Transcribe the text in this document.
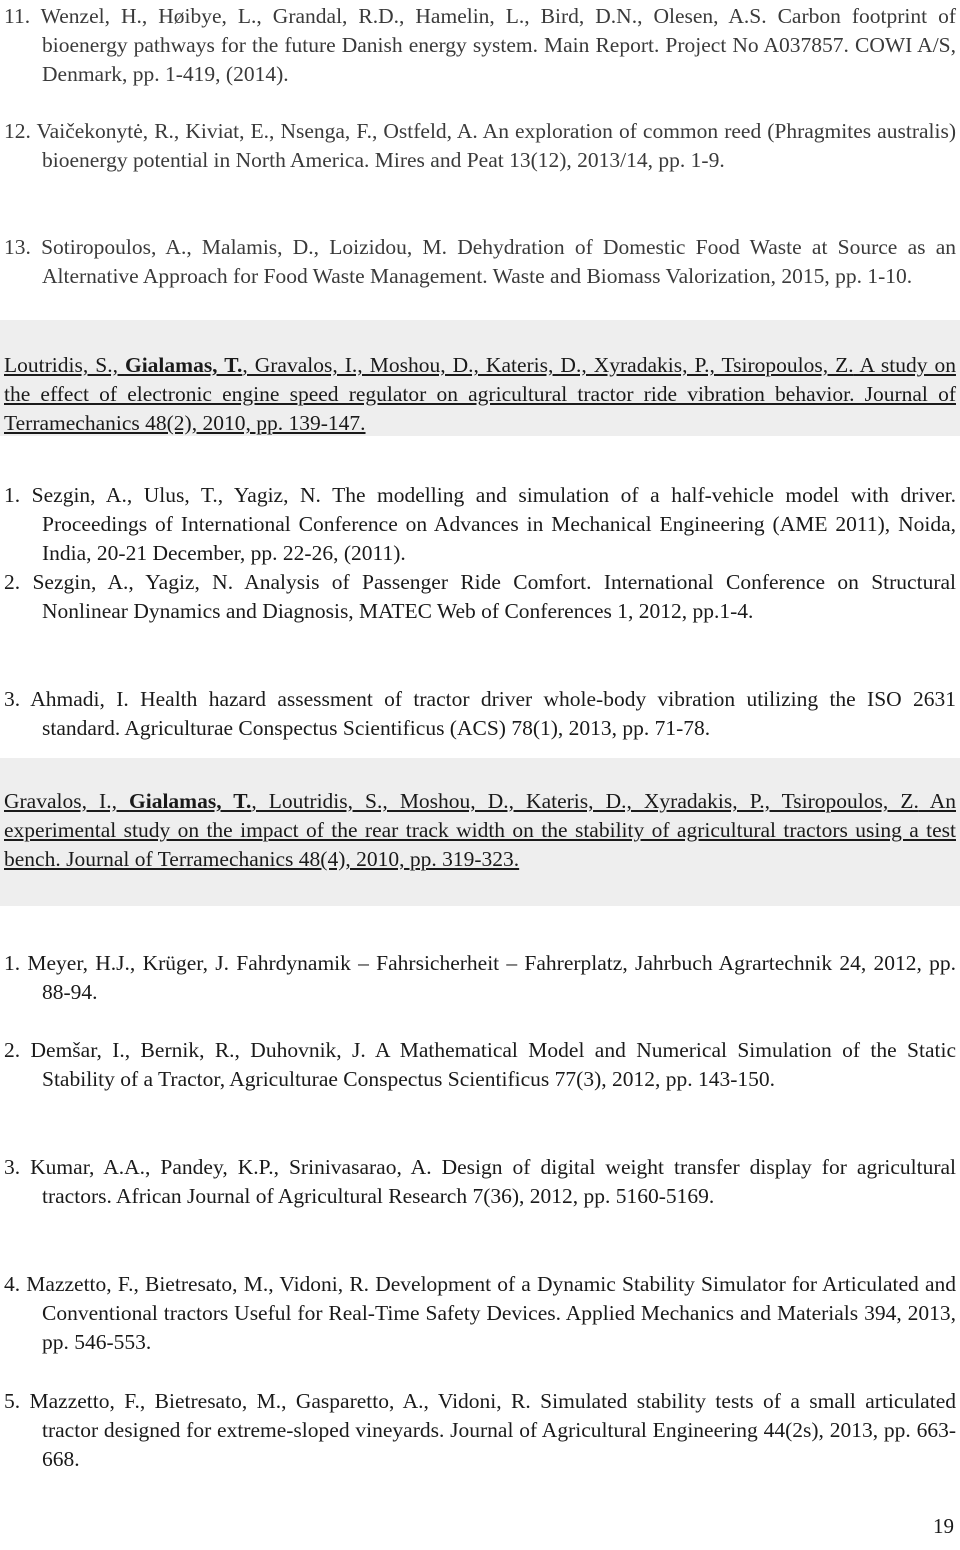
11. Wenzel, H., Høibye, L., Grandal, R.D., Hamelin, L., Bird, D.N., Olesen, A.S. Carbon footprint of bioenergy pathways for the future Danish energy system. Main Report. Project No A037857. COWI A/S, Denmark, pp. 1-419, (2014).

12. Vaičekonytė, R., Kiviat, E., Nsenga, F., Ostfeld, A. An exploration of common reed (Phragmites australis) bioenergy potential in North America. Mires and Peat 13(12), 2013/14, pp. 1-9.

13. Sotiropoulos, A., Malamis, D., Loizidou, M. Dehydration of Domestic Food Waste at Source as an Alternative Approach for Food Waste Management. Waste and Biomass Valorization, 2015, pp. 1-10.

Loutridis, S., Gialamas, T., Gravalos, I., Moshou, D., Kateris, D., Xyradakis, P., Tsiropoulos, Z. A study on the effect of electronic engine speed regulator on agricultural tractor ride vibration behavior. Journal of Terramechanics 48(2), 2010, pp. 139-147.

1. Sezgin, A., Ulus, T., Yagiz, N. The modelling and simulation of a half-vehicle model with driver. Proceedings of International Conference on Advances in Mechanical Engineering (AME 2011), Noida, India, 20-21 December, pp. 22-26, (2011).

2. Sezgin, A., Yagiz, N. Analysis of Passenger Ride Comfort. International Conference on Structural Nonlinear Dynamics and Diagnosis, MATEC Web of Conferences 1, 2012, pp.1-4.

3. Ahmadi, I. Health hazard assessment of tractor driver whole-body vibration utilizing the ISO 2631 standard. Agriculturae Conspectus Scientificus (ACS) 78(1), 2013, pp. 71-78.

Gravalos, I., Gialamas, T., Loutridis, S., Moshou, D., Kateris, D., Xyradakis, P., Tsiropoulos, Z. An experimental study on the impact of the rear track width on the stability of agricultural tractors using a test bench. Journal of Terramechanics 48(4), 2010, pp. 319-323.

1. Meyer, H.J., Krüger, J. Fahrdynamik – Fahrsicherheit – Fahrerplatz, Jahrbuch Agrartechnik 24, 2012, pp. 88-94.

2. Demšar, I., Bernik, R., Duhovnik, J. A Mathematical Model and Numerical Simulation of the Static Stability of a Tractor, Agriculturae Conspectus Scientificus 77(3), 2012, pp. 143-150.

3. Kumar, A.A., Pandey, K.P., Srinivasarao, A. Design of digital weight transfer display for agricultural tractors. African Journal of Agricultural Research 7(36), 2012, pp. 5160-5169.

4. Mazzetto, F., Bietresato, M., Vidoni, R. Development of a Dynamic Stability Simulator for Articulated and Conventional tractors Useful for Real-Time Safety Devices. Applied Mechanics and Materials 394, 2013, pp. 546-553.

5. Mazzetto, F., Bietresato, M., Gasparetto, A., Vidoni, R. Simulated stability tests of a small articulated tractor designed for extreme-sloped vineyards. Journal of Agricultural Engineering 44(2s), 2013, pp. 663-668.

19
